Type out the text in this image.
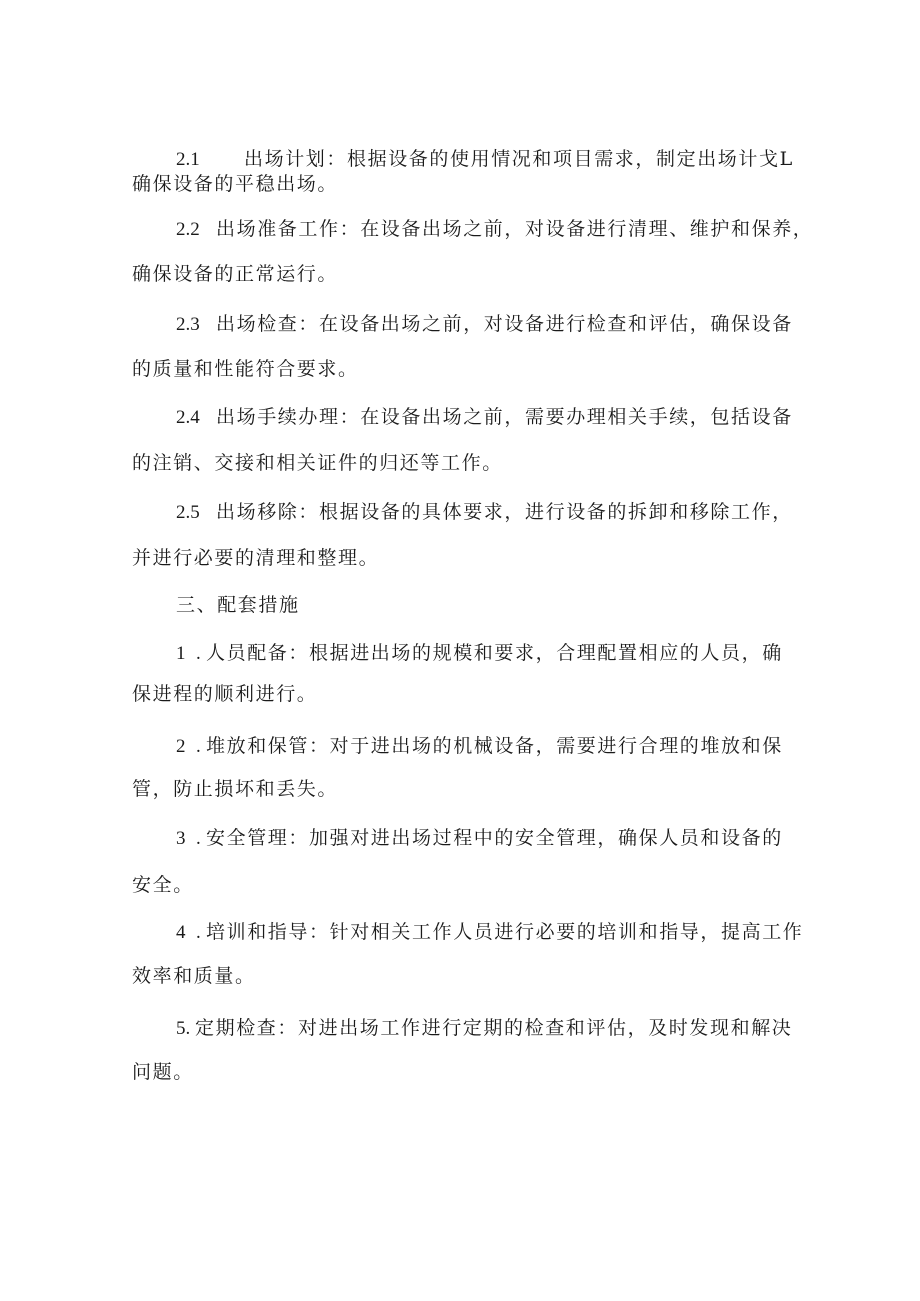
2.1 出场计划：根据设备的使用情况和项目需求，制定出场计戈L
确保设备的平稳出场。
2.2 出场准备工作：在设备出场之前，对设备进行清理、维护和保养，
确保设备的正常运行。
2.3 出场检查：在设备出场之前，对设备进行检查和评估，确保设备
的质量和性能符合要求。
2.4 出场手续办理：在设备出场之前，需要办理相关手续，包括设备
的注销、交接和相关证件的归还等工作。
2.5 出场移除：根据设备的具体要求，进行设备的拆卸和移除工作，
并进行必要的清理和整理。
三、配套措施
1 . 人员配备：根据进出场的规模和要求，合理配置相应的人员，确
保进程的顺利进行。
2 . 堆放和保管：对于进出场的机械设备，需要进行合理的堆放和保
管，防止损坏和丢失。
3 . 安全管理：加强对进出场过程中的安全管理，确保人员和设备的
安全。
4 . 培训和指导：针对相关工作人员进行必要的培训和指导，提高工作
效率和质量。
5. 定期检查：对进出场工作进行定期的检查和评估，及时发现和解决
问题。
